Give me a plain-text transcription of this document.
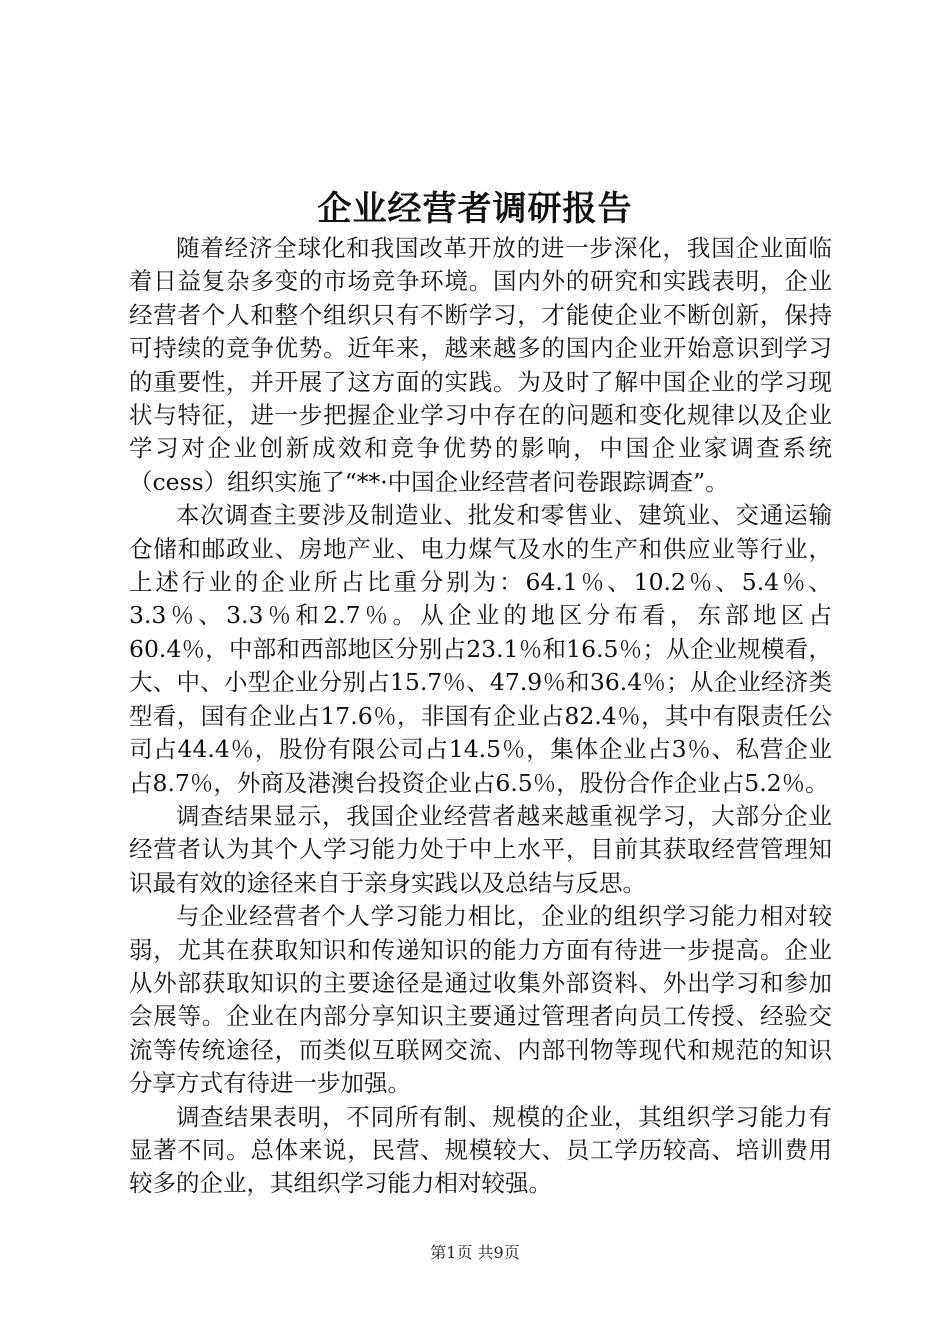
企业经营者调研报告

随着经济全球化和我国改革开放的进一步深化，我国企业面临着日益复杂多变的市场竞争环境。国内外的研究和实践表明，企业经营者个人和整个组织只有不断学习，才能使企业不断创新，保持可持续的竞争优势。近年来，越来越多的国内企业开始意识到学习的重要性，并开展了这方面的实践。为及时了解中国企业的学习现状与特征，进一步把握企业学习中存在的问题和变化规律以及企业学习对企业创新成效和竞争优势的影响，中国企业家调查系统（cess）组织实施了“**·中国企业经营者问卷跟踪调查”。

本次调查主要涉及制造业、批发和零售业、建筑业、交通运输仓储和邮政业、房地产业、电力煤气及水的生产和供应业等行业，上述行业的企业所占比重分别为：64.1％、10.2％、5.4％、3.3％、3.3％和2.7％。从企业的地区分布看，东部地区占60.4％，中部和西部地区分别占23.1％和16.5％；从企业规模看，大、中、小型企业分别占15.7％、47.9％和36.4％；从企业经济类型看，国有企业占17.6％，非国有企业占82.4％，其中有限责任公司占44.4％，股份有限公司占14.5％，集体企业占3％、私营企业占8.7％，外商及港澳台投资企业占6.5％，股份合作企业占5.2％。

调查结果显示，我国企业经营者越来越重视学习，大部分企业经营者认为其个人学习能力处于中上水平，目前其获取经营管理知识最有效的途径来自于亲身实践以及总结与反思。

与企业经营者个人学习能力相比，企业的组织学习能力相对较弱，尤其在获取知识和传递知识的能力方面有待进一步提高。企业从外部获取知识的主要途径是通过收集外部资料、外出学习和参加会展等。企业在内部分享知识主要通过管理者向员工传授、经验交流等传统途径，而类似互联网交流、内部刊物等现代和规范的知识分享方式有待进一步加强。

调查结果表明，不同所有制、规模的企业，其组织学习能力有显著不同。总体来说，民营、规模较大、员工学历较高、培训费用较多的企业，其组织学习能力相对较强。

第1页 共9页
